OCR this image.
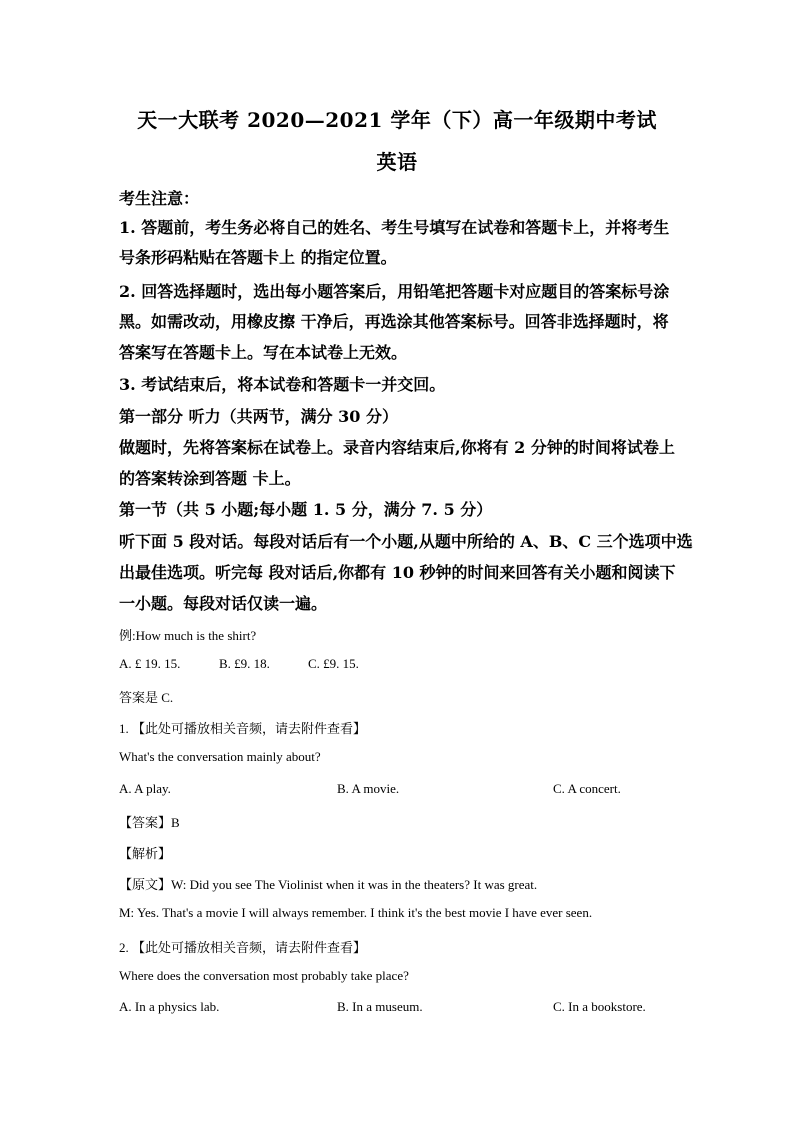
天一大联考 2020—2021 学年（下）高一年级期中考试
英语
考生注意：
1. 答题前，考生务必将自己的姓名、考生号填写在试卷和答题卡上，并将考生
号条形码粘贴在答题卡上 的指定位置。
2. 回答选择题时，选出每小题答案后，用铅笔把答题卡对应题目的答案标号涂
黑。如需改动，用橡皮擦 干净后，再选涂其他答案标号。回答非选择题时，将
答案写在答题卡上。写在本试卷上无效。
3. 考试结束后，将本试卷和答题卡一并交回。
第一部分 听力（共两节，满分 30 分）
做题时，先将答案标在试卷上。录音内容结束后,你将有 2 分钟的时间将试卷上
的答案转涂到答题 卡上。
第一节（共 5 小题;每小题 1. 5 分，满分 7. 5 分）
听下面 5 段对话。每段对话后有一个小题,从题中所给的 A、B、C 三个选项中选
出最佳选项。听完每 段对话后,你都有 10 秒钟的时间来回答有关小题和阅读下
一小题。每段对话仅读一遍。
例:How much is the shirt?
A. £ 19. 15.	B. £9. 18.	C. £9. 15.
答案是 C.
1. 【此处可播放相关音频，请去附件查看】
What's the conversation mainly about?
A. A play.	B. A movie.	C. A concert.
【答案】B
【解析】
【原文】W: Did you see The Violinist when it was in the theaters? It was great.
M: Yes. That's a movie I will always remember. I think it's the best movie I have ever seen.
2. 【此处可播放相关音频，请去附件查看】
Where does the conversation most probably take place?
A. In a physics lab.	B. In a museum.	C. In a bookstore.
